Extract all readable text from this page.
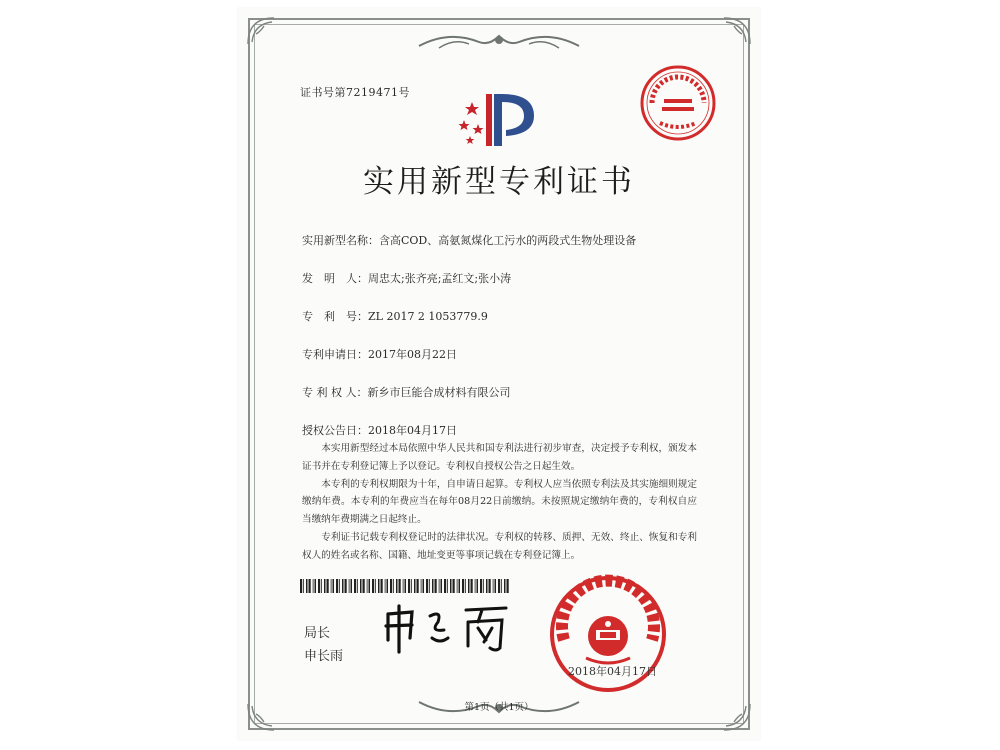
证书号第7219471号
实用新型专利证书
实用新型名称：含高COD、高氨氮煤化工污水的两段式生物处理设备
发　明　人：周忠太;张齐亮;孟红文;张小涛
专　利　号：ZL 2017 2 1053779.9
专利申请日：2017年08月22日
专 利 权 人：新乡市巨能合成材料有限公司
授权公告日：2018年04月17日

本实用新型经过本局依照中华人民共和国专利法进行初步审查，决定授予专利权，颁发本证书并在专利登记簿上予以登记。专利权自授权公告之日起生效。

本专利的专利权期限为十年，自申请日起算。专利权人应当依照专利法及其实施细则规定缴纳年费。本专利的年费应当在每年08月22日前缴纳。未按照规定缴纳年费的，专利权自应当缴纳年费期满之日起终止。

专利证书记载专利权登记时的法律状况。专利权的转移、质押、无效、终止、恢复和专利权人的姓名或名称、国籍、地址变更等事项记载在专利登记簿上。

局长
申长雨
2018年04月17日
第1页（共1页）
